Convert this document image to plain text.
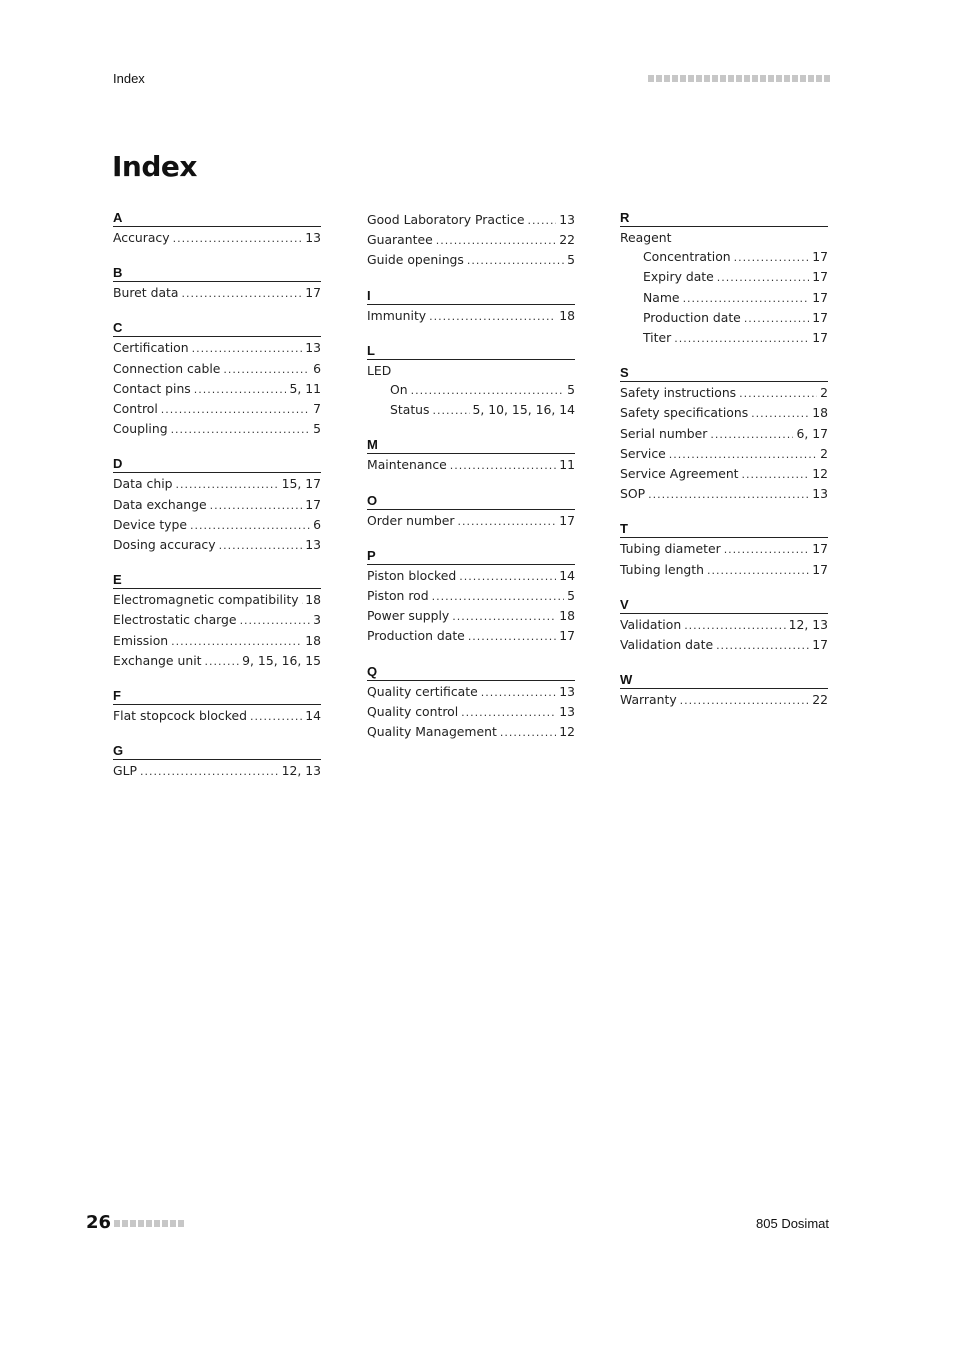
Index
Index
A
Accuracy .....	13
B
Buret data .....	17
C
Certification .....	13
Connection cable .....	6
Contact pins .....	5, 11
Control .....	7
Coupling .....	5
D
Data chip .....	15, 17
Data exchange .....	17
Device type .....	6
Dosing accuracy .....	13
E
Electromagnetic compatibility ..... 18
Electrostatic charge .....	3
Emission .....	18
Exchange unit .....	9, 15, 16, 15
F
Flat stopcock blocked .....	14
G
GLP .....	12, 13
Good Laboratory Practice .....	13
Guarantee .....	22
Guide openings .....	5
I
Immunity .....	18
L
LED
On .....	5
Status .....	5, 10, 15, 16, 14
M
Maintenance .....	11
O
Order number .....	17
P
Piston blocked .....	14
Piston rod .....	5
Power supply .....	18
Production date .....	17
Q
Quality certificate .....	13
Quality control .....	13
Quality Management .....	12
R
Reagent
Concentration .....	17
Expiry date .....	17
Name .....	17
Production date .....	17
Titer .....	17
S
Safety instructions .....	2
Safety specifications .....	18
Serial number .....	6, 17
Service .....	2
Service Agreement .....	12
SOP .....	13
T
Tubing diameter .....	17
Tubing length .....	17
V
Validation .....	12, 13
Validation date .....	17
W
Warranty .....	22
26	805 Dosimat
